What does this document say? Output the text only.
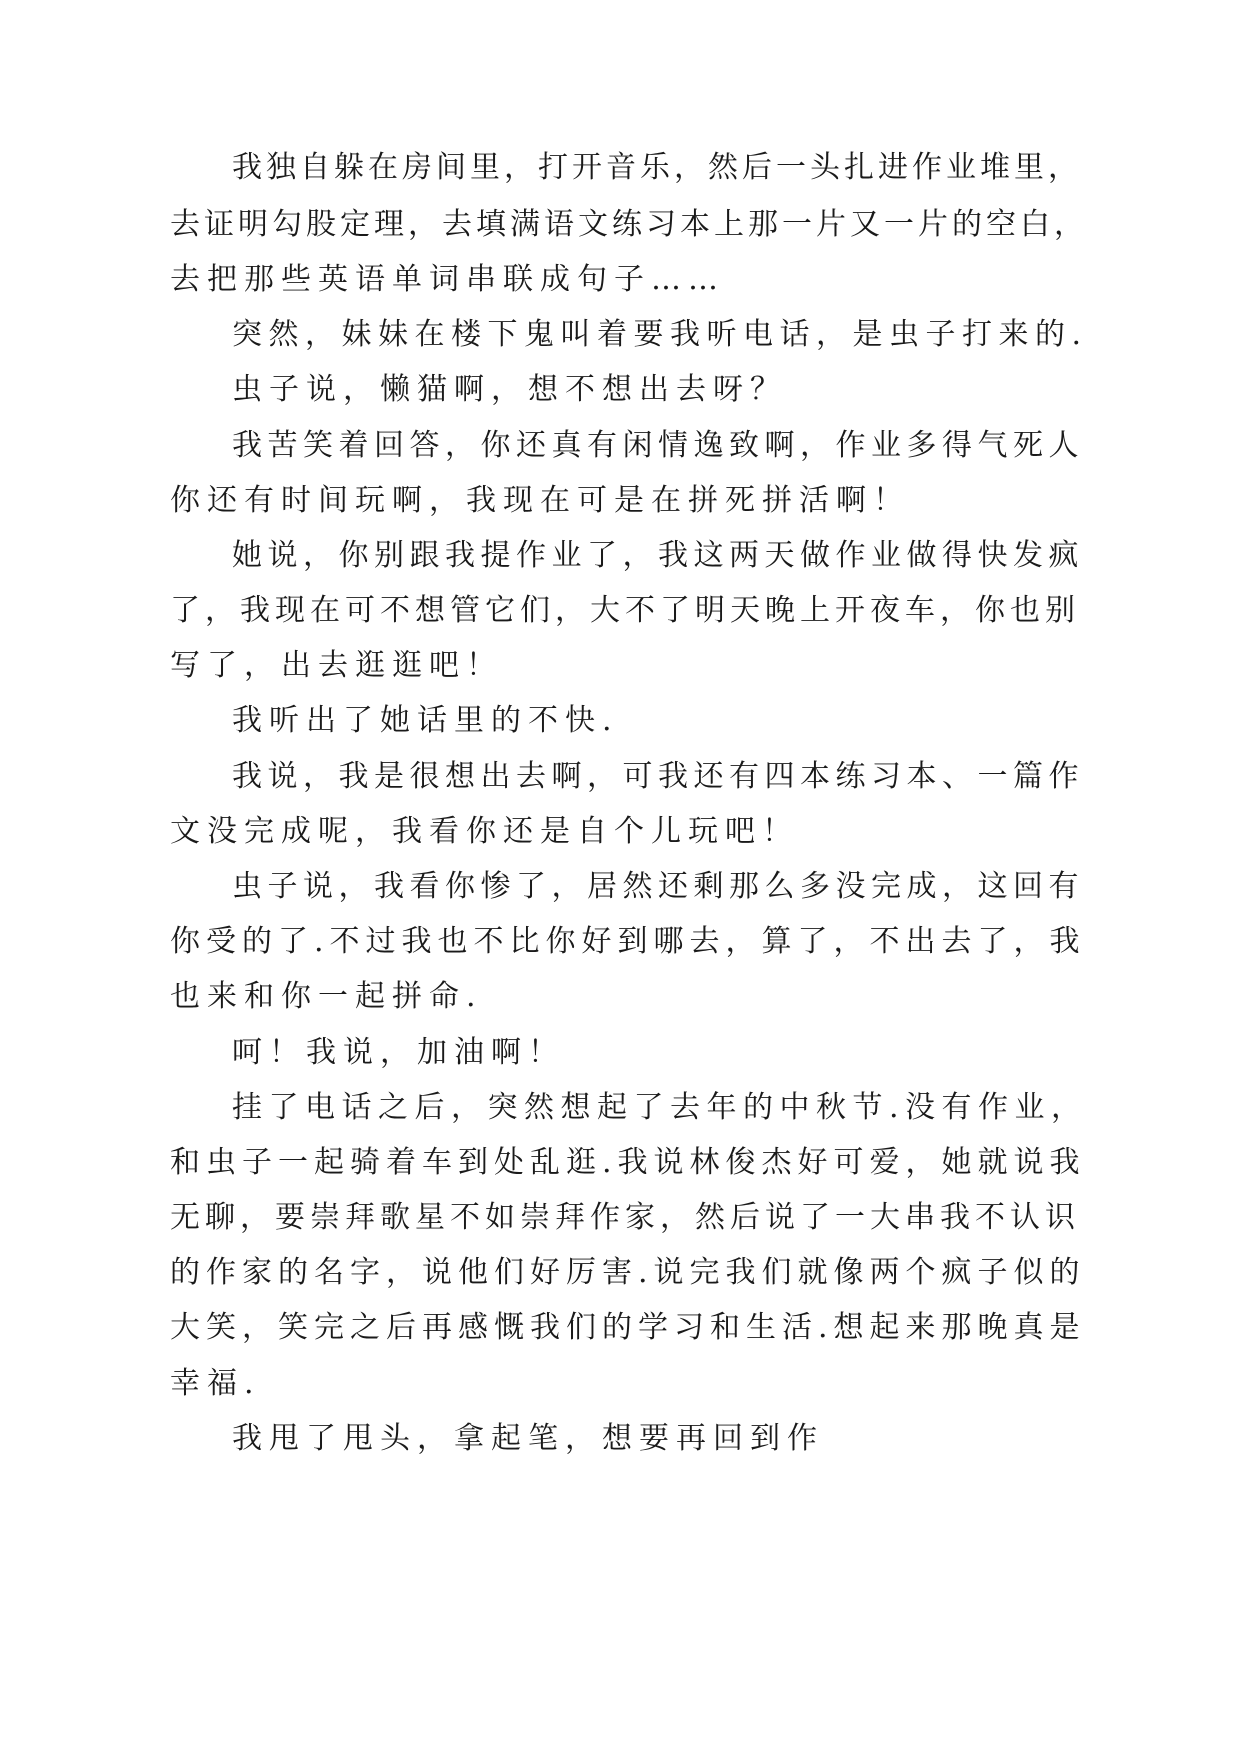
我独自躲在房间里，打开音乐，然后一头扎进作业堆里，
去证明勾股定理，去填满语文练习本上那一片又一片的空白，
去把那些英语单词串联成句子……
突然，妹妹在楼下鬼叫着要我听电话，是虫子打来的.
虫子说，懒猫啊，想不想出去呀？
我苦笑着回答，你还真有闲情逸致啊，作业多得气死人
你还有时间玩啊，我现在可是在拼死拼活啊！
她说，你别跟我提作业了，我这两天做作业做得快发疯
了，我现在可不想管它们，大不了明天晚上开夜车，你也别
写了，出去逛逛吧！
我听出了她话里的不快.
我说，我是很想出去啊，可我还有四本练习本、一篇作
文没完成呢，我看你还是自个儿玩吧！
虫子说，我看你惨了，居然还剩那么多没完成，这回有
你受的了.不过我也不比你好到哪去，算了，不出去了，我
也来和你一起拼命.
呵！我说，加油啊！
挂了电话之后，突然想起了去年的中秋节.没有作业，
和虫子一起骑着车到处乱逛.我说林俊杰好可爱，她就说我
无聊，要崇拜歌星不如崇拜作家，然后说了一大串我不认识
的作家的名字，说他们好厉害.说完我们就像两个疯子似的
大笑，笑完之后再感慨我们的学习和生活.想起来那晚真是
幸福.
我甩了甩头，拿起笔，想要再回到作
